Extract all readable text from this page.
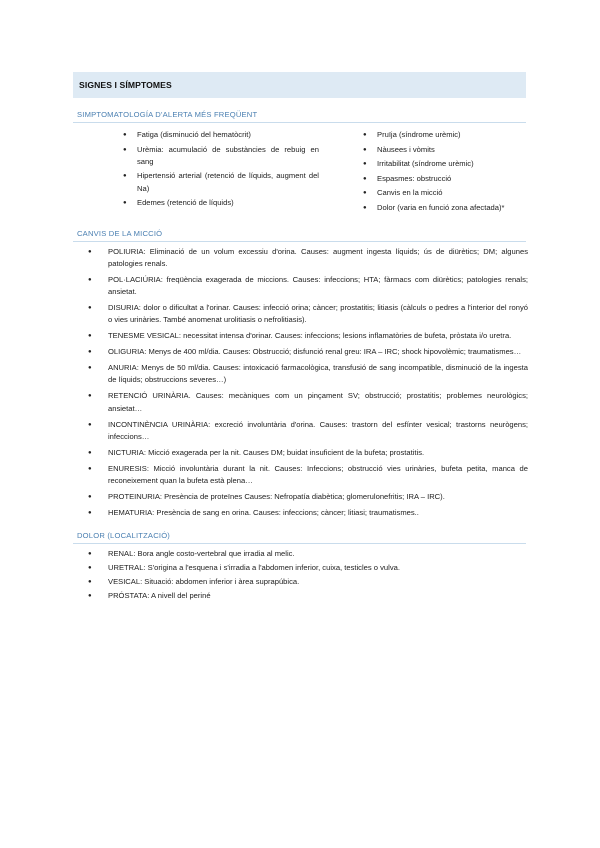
SIGNES I SÍMPTOMES
SIMPTOMATOLOGÍA D'ALERTA MÉS FREQÜENT
● Fatiga (disminució del hematòcrit)
● Urèmia: acumulació de substàncies de rebuig en sang
● Hipertensió arterial (retenció de líquids, augment del Na)
● Edemes (retenció de líquids)
● Pruïja (síndrome urèmic)
● Nàusees i vòmits
● Irritabilitat (síndrome urèmic)
● Espasmes: obstrucció
● Canvis en la micció
● Dolor (varia en funció zona afectada)*
CANVIS DE LA MICCIÓ
● POLIURIA: Eliminació de un volum excessiu d'orina. Causes: augment ingesta líquids; ús de diürètics; DM; algunes patologies renals.
● POL·LACIÚRIA: freqüència exagerada de miccions. Causes: infeccions; HTA; fàrmacs com diürètics; patologies renals; ansietat.
● DISURIA: dolor o dificultat a l'orinar. Causes: infecció orina; càncer; prostatitis; litiasis (càlculs o pedres a l'interior del ronyó o vies urinàries. També anomenat urolitiasis o nefrolitiasis).
● TENESME VESICAL: necessitat intensa d'orinar. Causes: infeccions; lesions inflamatòries de bufeta, pròstata i/o uretra.
● OLIGURIA: Menys de 400 ml/dia. Causes: Obstrucció; disfunció renal greu: IRA – IRC; shock hipovolèmic; traumatismes…
● ANURIA: Menys de 50 ml/dia. Causes: intoxicació farmacològica, transfusió de sang incompatible, disminució de la ingesta de líquids; obstruccions severes…)
● RETENCIÓ URINÀRIA. Causes: mecàniques com un pinçament SV; obstrucció; prostatitis; problemes neurològics; ansietat…
● INCONTINÈNCIA URINÀRIA: excreció involuntària d'orina. Causes: trastorn del esfínter vesical; trastorns neurògens; infeccions…
● NICTURIA: Micció exagerada per la nit. Causes DM; buidat insuficient de la bufeta; prostatitis.
● ENURESIS: Micció involuntària durant la nit. Causes: Infeccions; obstrucció vies urinàries, bufeta petita, manca de reconeixement quan la bufeta està plena…
● PROTEINURIA: Presència de proteïnes Causes: Nefropatía diabètica; glomerulonefritis; IRA – IRC).
● HEMATURIA: Presència de sang en orina. Causes: infeccions; càncer; litiasi; traumatismes..
DOLOR (LOCALITZACIÓ)
● RENAL: Bora angle costo-vertebral que irradia al melic.
● URETRAL: S'origina a l'esquena i s'irradia a l'abdomen inferior, cuixa, testicles o vulva.
● VESICAL: Situació: abdomen inferior i àrea suprapúbica.
● PRÓSTATA: A nivell del periné
